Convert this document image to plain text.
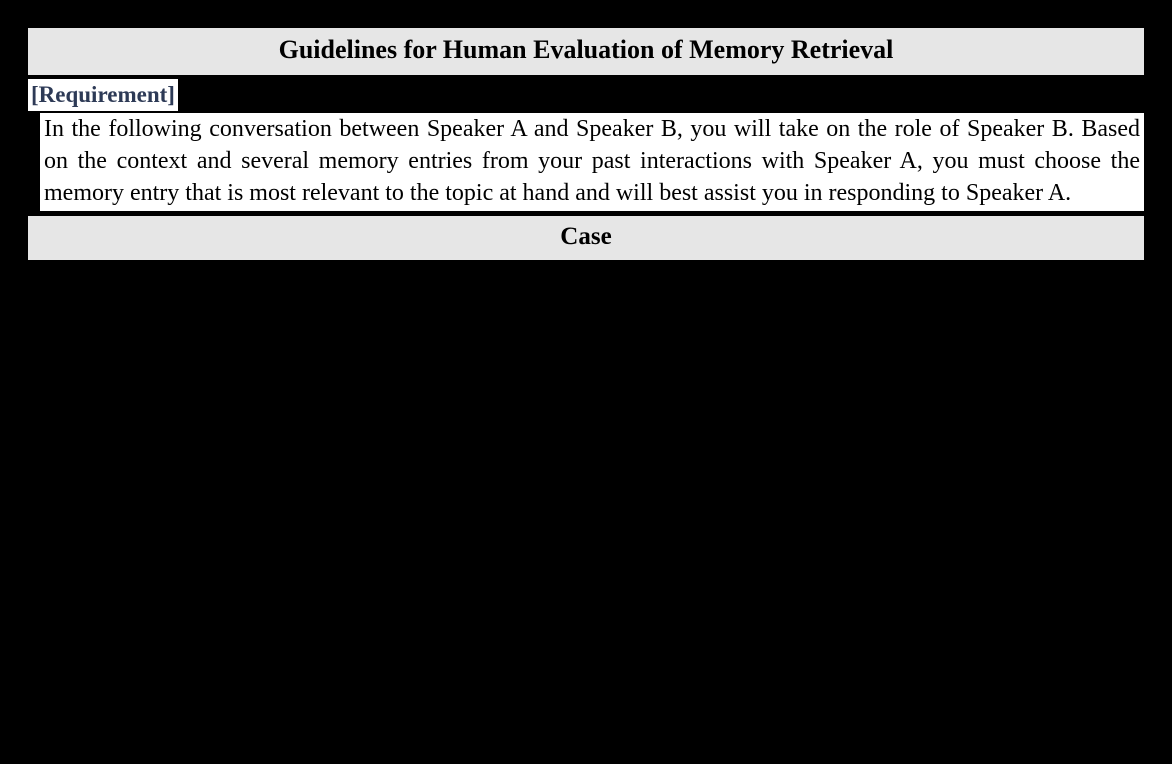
Guidelines for Human Evaluation of Memory Retrieval
[Requirement]
In the following conversation between Speaker A and Speaker B, you will take on the role of Speaker B. Based on the context and several memory entries from your past interactions with Speaker A, you must choose the memory entry that is most relevant to the topic at hand and will best assist you in responding to Speaker A.
Case
